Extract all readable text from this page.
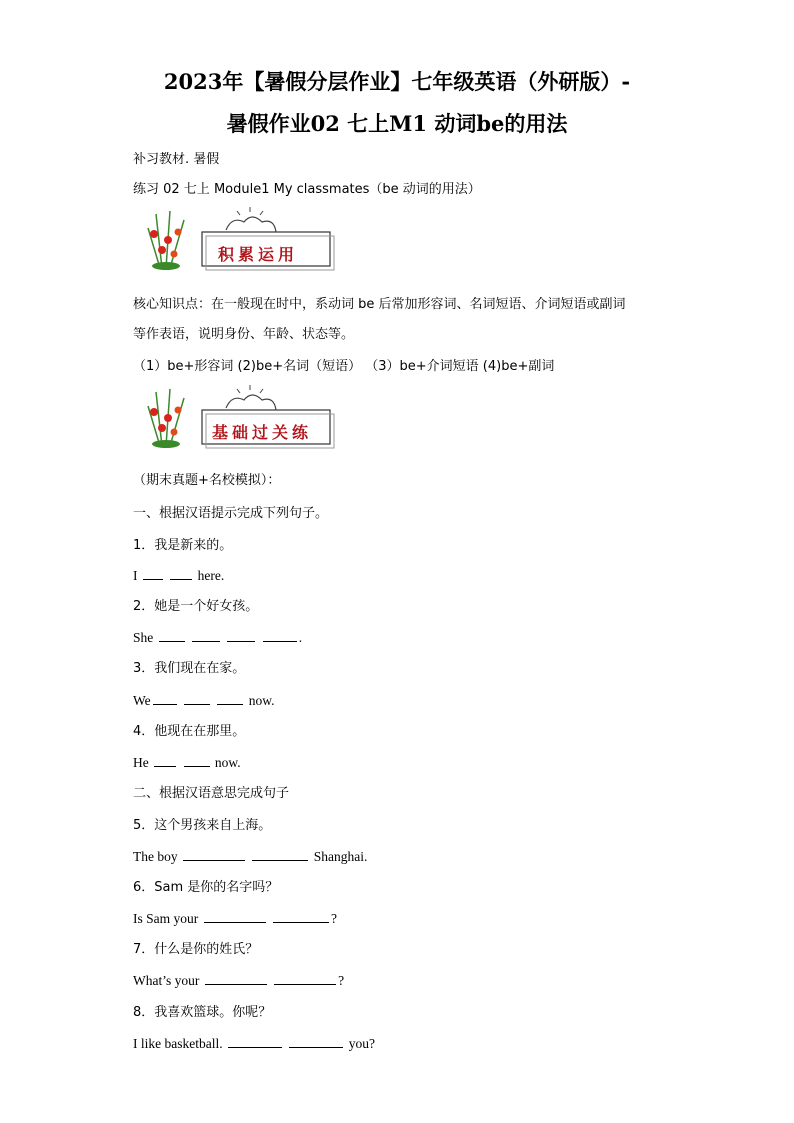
2023年【暑假分层作业】七年级英语（外研版）-
暑假作业02 七上M1 动词be的用法
补习教材. 暑假
练习 02 七上 Module1 My classmates（be 动词的用法）
积累运用
核心知识点：在一般现在时中，系动词 be 后常加形容词、名词短语、介词短语或副词
等作表语，说明身份、年龄、状态等。
（1）be+形容词 (2)be+名词（短语） （3）be+介词短语 (4)be+副词
基础过关练
（期末真题+名校模拟）：
一、根据汉语提示完成下列句子。
1．我是新来的。
I	here.
2．她是一个好女孩。
She	.
3．我们现在在家。
We	now.
4．他现在在那里。
He	now.
二、根据汉语意思完成句子
5．这个男孩来自上海。
The boy	Shanghai.
6．Sam 是你的名字吗？
Is Sam your	?
7．什么是你的姓氏？
What’s your	?
8．我喜欢篮球。你呢？
I like basketball.	you?
